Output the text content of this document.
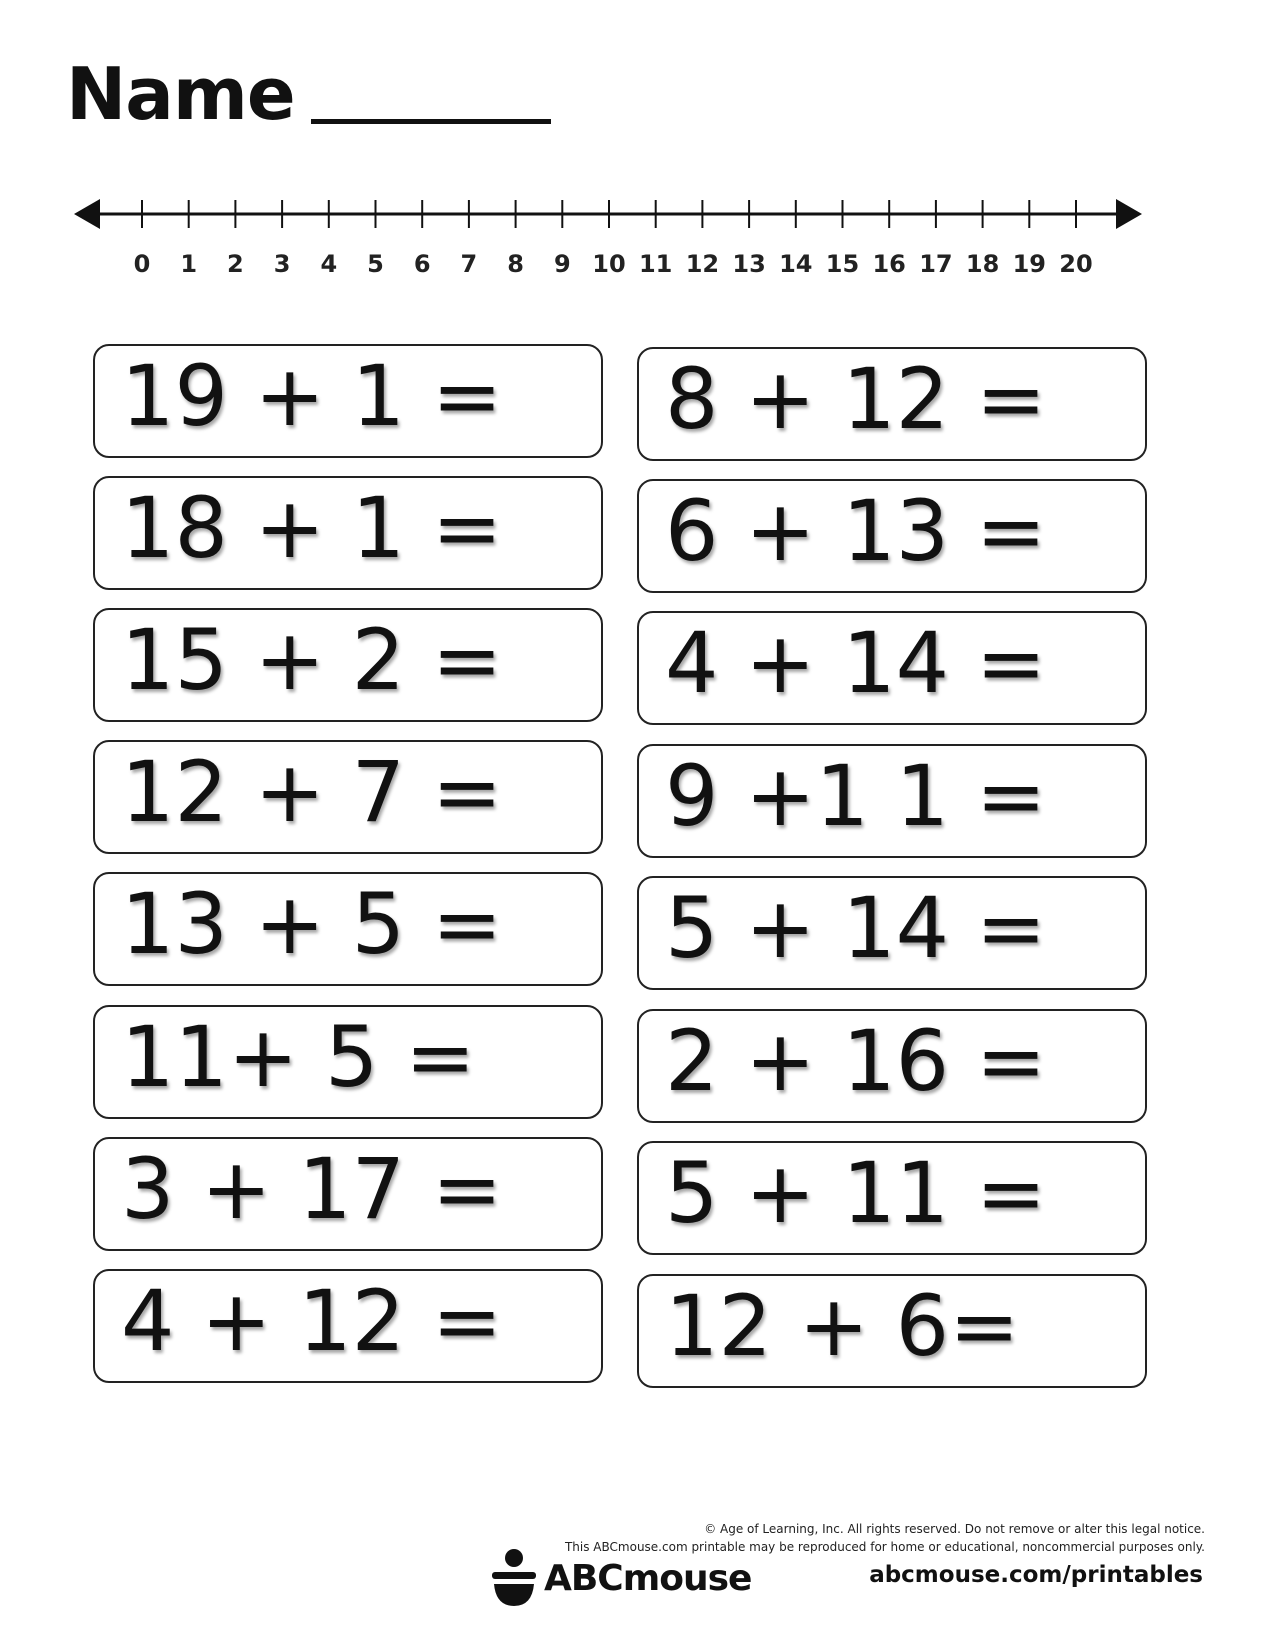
Name
0 1 2 3 4 5 6 7 8 9 10 11 12 13 14 15 16 17 18 19 20
19 + 1 =
18 + 1 =
15 + 2 =
12 + 7 =
13 + 5 =
11+ 5 =
3 + 17 =
4 + 12 =
8 + 12 =
6 + 13 =
4 + 14 =
9 +1 1 =
5 + 14 =
2 + 16 =
5 + 11 =
12 + 6=
© Age of Learning, Inc. All rights reserved. Do not remove or alter this legal notice.
This ABCmouse.com printable may be reproduced for home or educational, noncommercial purposes only.
ABCmouse	abcmouse.com/printables
